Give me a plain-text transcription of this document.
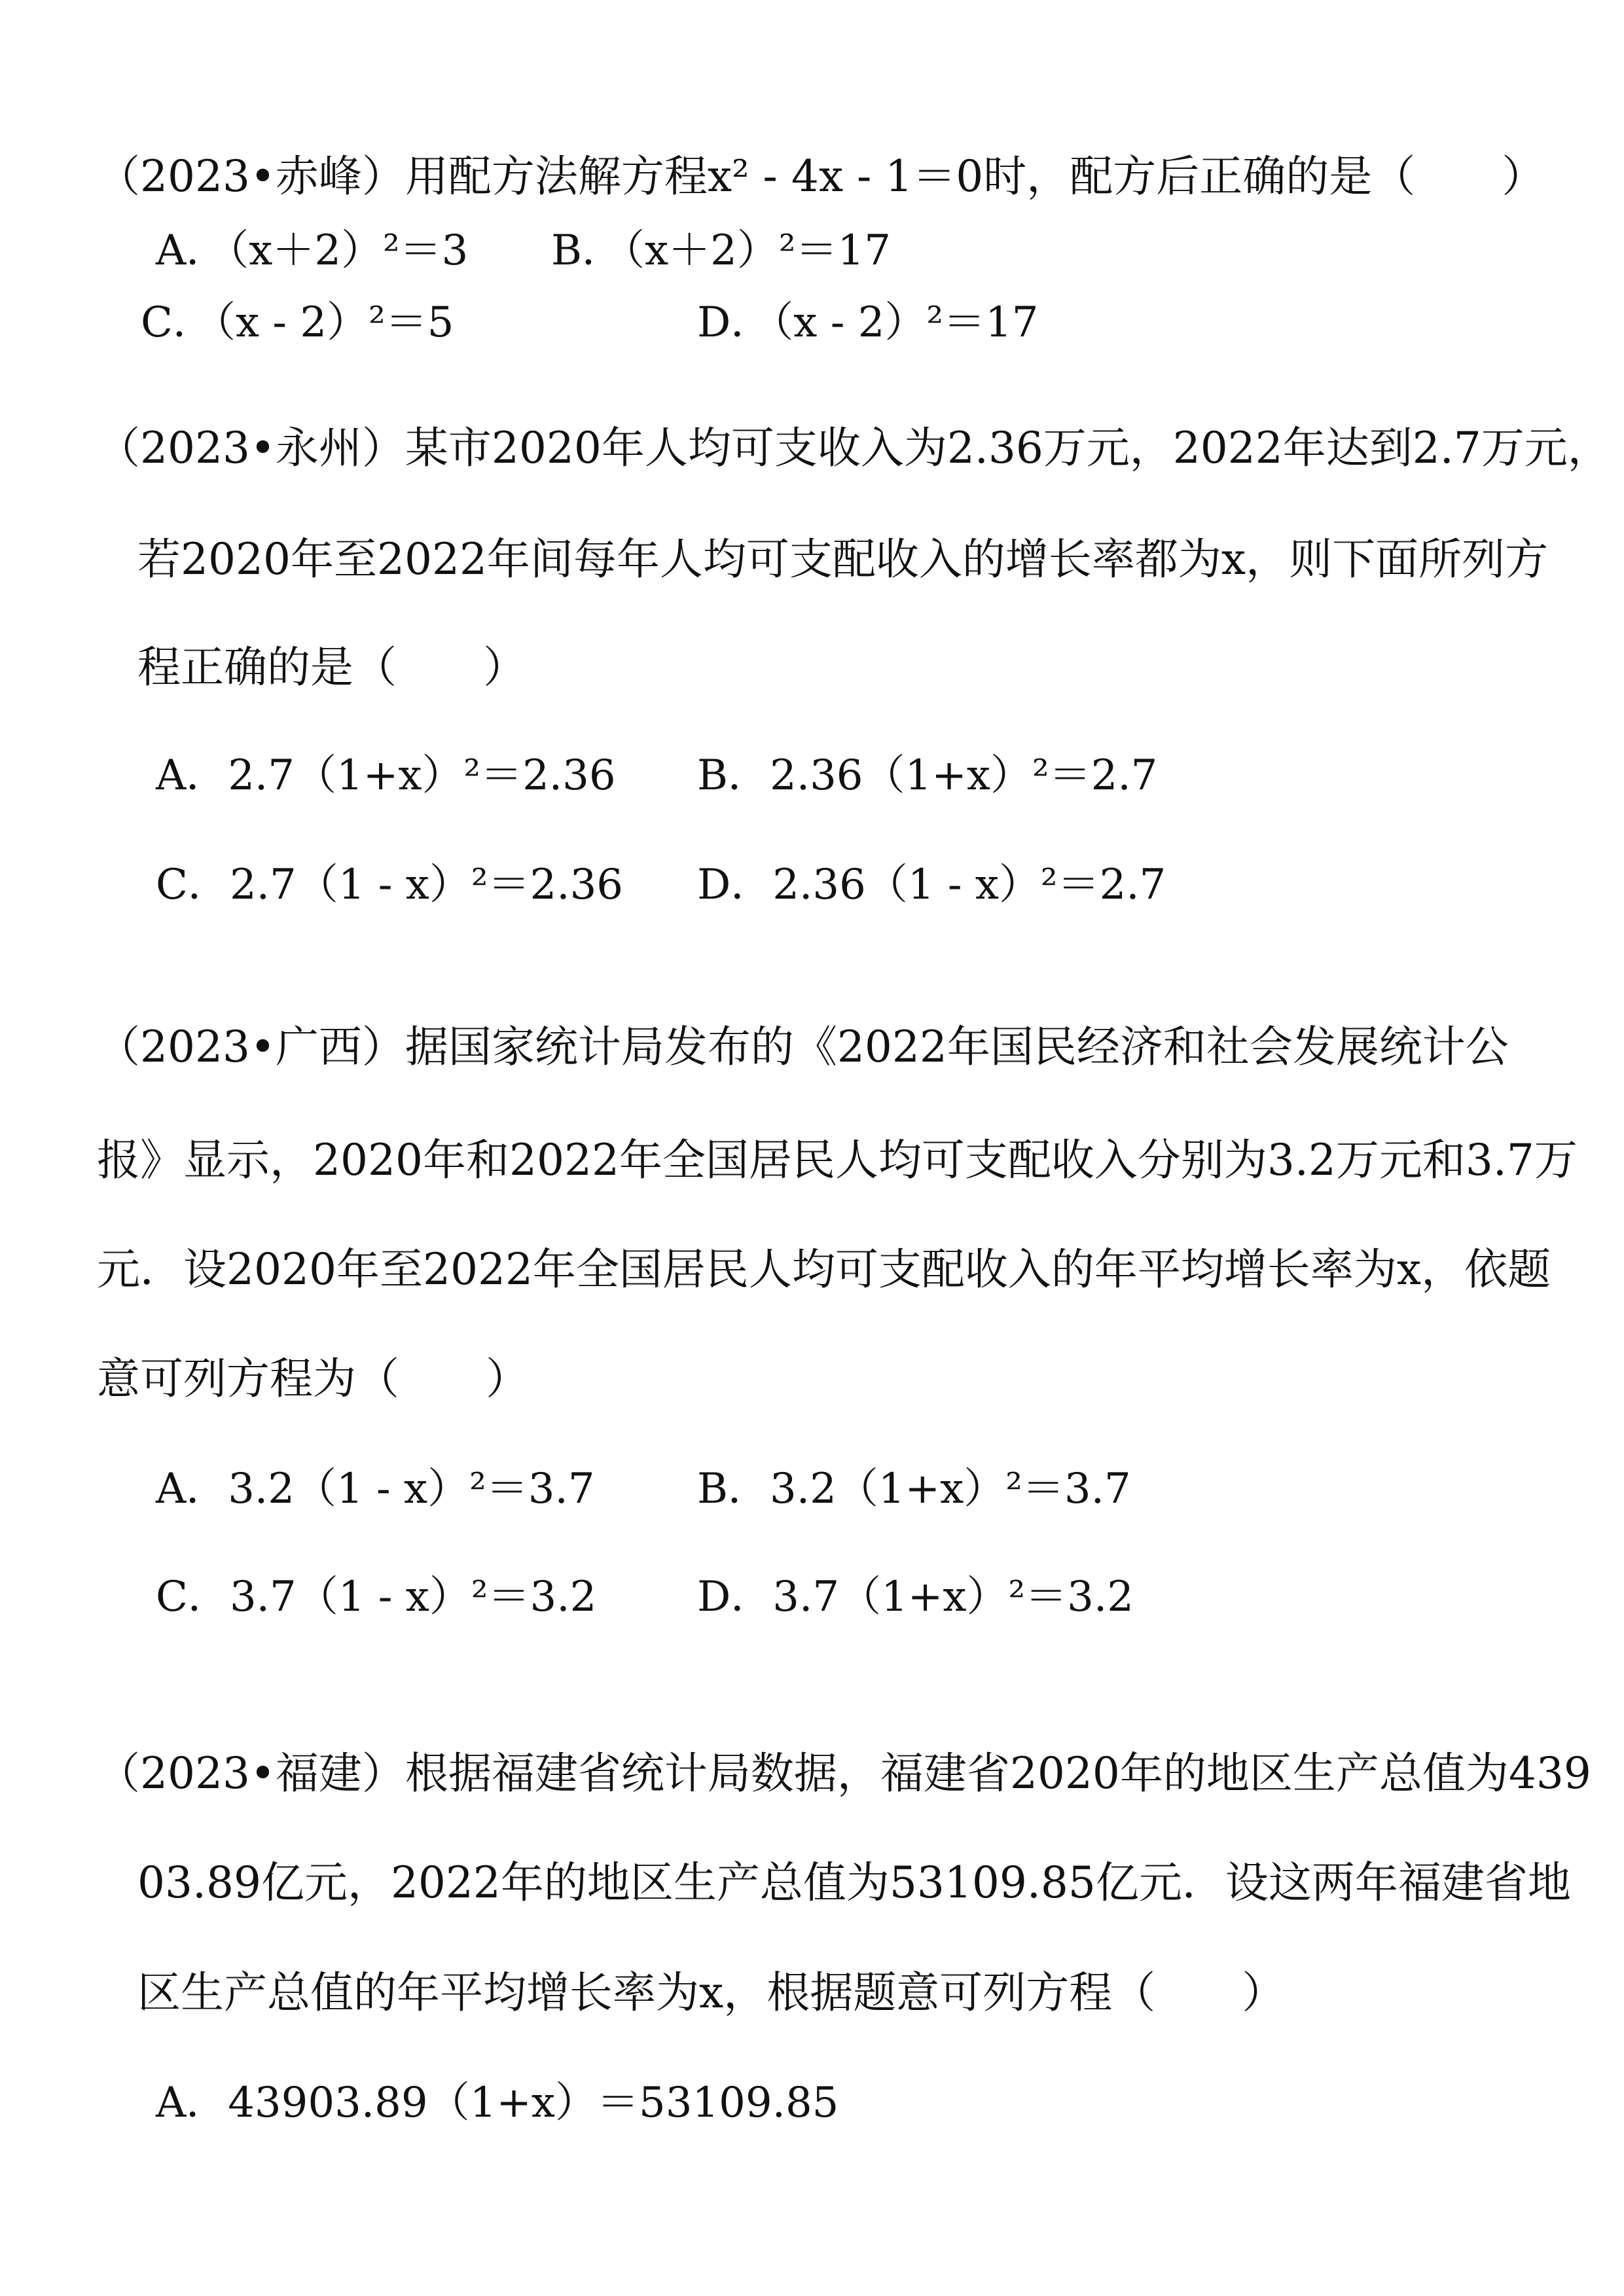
（2023•赤峰）用配方法解方程x² - 4x - 1＝0时，配方后正确的是（　　）
A．（x＋2）²＝3 B．（x＋2）²＝17
C．（x - 2）²＝5	D．（x - 2）²＝17
（2023•永州）某市2020年人均可支收入为2.36万元，2022年达到2.7万元，
若2020年至2022年间每年人均可支配收入的增长率都为x，则下面所列方
程正确的是（　　）
A．2.7（1+x）²＝2.36 B．2.36（1+x）²＝2.7
C．2.7（1 - x）²＝2.36 D．2.36（1 - x）²＝2.7
（2023•广西）据国家统计局发布的《2022年国民经济和社会发展统计公
报》显示，2020年和2022年全国居民人均可支配收入分别为3.2万元和3.7万
元．设2020年至2022年全国居民人均可支配收入的年平均增长率为x，依题
意可列方程为（　　）
A．3.2（1 - x）²＝3.7 B．3.2（1+x）²＝3.7
C．3.7（1 - x）²＝3.2 D．3.7（1+x）²＝3.2
（2023•福建）根据福建省统计局数据，福建省2020年的地区生产总值为439
03.89亿元，2022年的地区生产总值为53109.85亿元．设这两年福建省地
区生产总值的年平均增长率为x，根据题意可列方程（　　）
A．43903.89（1+x）＝53109.85
